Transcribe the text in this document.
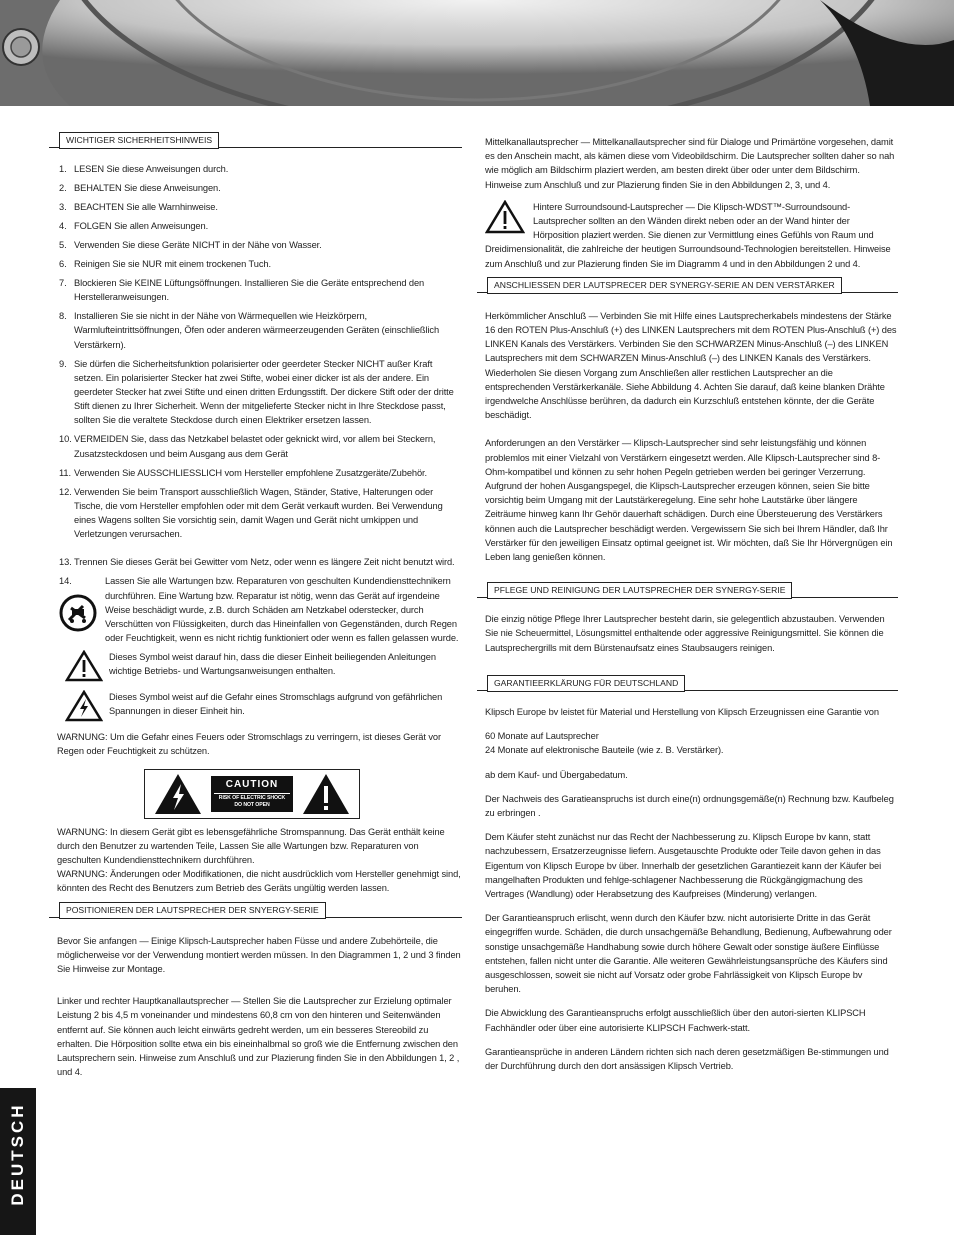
WICHTIGER SICHERHEITSHINWEIS
1. LESEN Sie diese Anweisungen durch.
2. BEHALTEN Sie diese Anweisungen.
3. BEACHTEN Sie alle Warnhinweise.
4. FOLGEN Sie allen Anweisungen.
5. Verwenden Sie diese Geräte NICHT in der Nähe von Wasser.
6. Reinigen Sie sie NUR mit einem trockenen Tuch.
7. Blockieren Sie KEINE Lüftungsöffnungen. Installieren Sie die Geräte entsprechend den Herstelleranweisungen.
8. Installieren Sie sie nicht in der Nähe von Wärmequellen wie Heizkörpern, Warmlufteintrittsöffnungen, Öfen oder anderen wärmeerzeugenden Geräten (einschließlich Verstärkern).
9. Sie dürfen die Sicherheitsfunktion polarisierter oder geerdeter Stecker NICHT außer Kraft setzen. Ein polarisierter Stecker hat zwei Stifte, wobei einer dicker ist als der andere. Ein geerdeter Stecker hat zwei Stifte und einen dritten Erdungsstift. Der dickere Stift oder der dritte Stift dienen zu Ihrer Sicherheit. Wenn der mitgelieferte Stecker nicht in Ihre Steckdose passt, sollten Sie die veraltete Steckdose durch einen Elektriker ersetzen lassen.
10. VERMEIDEN Sie, dass das Netzkabel belastet oder geknickt wird, vor allem bei Steckern, Zusatzsteckdosen und beim Ausgang aus dem Gerät
11. Verwenden Sie AUSSCHLIESSLICH vom Hersteller empfohlene Zusatzgeräte/Zubehör.
12. Verwenden Sie beim Transport ausschließlich Wagen, Ständer, Stative, Halterungen oder Tische, die vom Hersteller empfohlen oder mit dem Gerät verkauft wurden. Bei Verwendung eines Wagens sollten Sie vorsichtig sein, damit Wagen und Gerät nicht umkippen und Verletzungen verursachen.
13. Trennen Sie dieses Gerät bei Gewitter vom Netz, oder wenn es längere Zeit nicht benutzt wird.
14.	Lassen Sie alle Wartungen bzw. Reparaturen von geschulten Kundendiensttechnikern durchführen. Eine Wartung bzw. Reparatur ist nötig, wenn das Gerät auf irgendeine Weise beschädigt wurde, z.B. durch Schäden am Netzkabel oderstecker, durch Verschütten von Flüssigkeiten, durch das Hineinfallen von Gegenständen, durch Regen oder Feuchtigkeit, wenn es nicht richtig funktioniert oder wenn es fallen gelassen wurde.
Dieses Symbol weist darauf hin, dass die dieser Einheit beiliegenden Anleitungen wichtige Betriebs- und Wartungsanweisungen enthalten.
Dieses Symbol weist auf die Gefahr eines Stromschlags aufgrund von gefährlichen Spannungen in dieser Einheit hin.

WARNUNG: Um die Gefahr eines Feuers oder Stromschlags zu verringern, ist dieses Gerät vor Regen oder Feuchtigkeit zu schützen.

CAUTION
RISK OF ELECTRIC SHOCK
DO NOT OPEN

WARNUNG: In diesem Gerät gibt es lebensgefährliche Stromspannung. Das Gerät enthält keine durch den Benutzer zu wartenden Teile, Lassen Sie alle Wartungen bzw. Reparaturen von geschulten Kundendiensttechnikern durchführen.

WARNUNG: Änderungen oder Modifikationen, die nicht ausdrücklich vom Hersteller genehmigt sind, könnten des Recht des Benutzers zum Betrieb des Geräts ungültig werden lassen.

POSITIONIEREN DER LAUTSPRECHER DER SNYERGY-SERIE

Bevor Sie anfangen — Einige Klipsch-Lautsprecher haben Füsse und andere Zubehörteile, die möglicherweise vor der Verwendung montiert werden müssen. In den Diagrammen 1, 2 und 3 finden Sie Hinweise zur Montage.

Linker und rechter Hauptkanallautsprecher — Stellen Sie die Lautsprecher zur Erzielung optimaler Leistung 2 bis 4,5 m voneinander und mindestens 60,8 cm von den hinteren und Seitenwänden entfernt auf. Sie können auch leicht einwärts gedreht werden, um ein besseres Stereobild zu erhalten. Die Hörposition sollte etwa ein bis eineinhalbmal so groß wie die Entfernung zwischen den Lautsprechern sein. Hinweise zum Anschluß und zur Plazierung finden Sie in den Abbildungen 1, 2 , und 4.

Mittelkanallautsprecher — Mittelkanallautsprecher sind für Dialoge und Primärtöne vorgesehen, damit es den Anschein macht, als kämen diese vom Videobildschirm. Die Lautsprecher sollten daher so nah wie möglich am Bildschirm plaziert werden, am besten direkt über oder unter dem Bildschirm. Hinweise zum Anschluß und zur Plazierung finden Sie in den Abbildungen 2, 3, und 4.

Hintere Surroundsound-Lautsprecher — Die Klipsch-WDST™-Surroundsound-Lautsprecher sollten an den Wänden direkt neben oder an der Wand hinter der Hörposition plaziert werden. Sie dienen zur Vermittlung eines Gefühls von Raum und Dreidimensionalität, die zahlreiche der heutigen Surroundsound-Technologien bereitstellen. Hinweise zum Anschluß und zur Plazierung finden Sie im Diagramm 4 und in den Abbildungen 2 und 4.
ANSCHLIESSEN DER LAUTSPRECER DER SYNERGY-SERIE AN DEN VERSTÄRKER

Herkömmlicher Anschluß — Verbinden Sie mit Hilfe eines Lautsprecherkabels mindestens der Stärke 16 den ROTEN Plus-Anschluß (+) des LINKEN Lautsprechers mit dem ROTEN Plus-Anschluß (+) des LINKEN Kanals des Verstärkers. Verbinden Sie den SCHWARZEN Minus-Anschluß (–) des LINKEN Lautsprechers mit dem SCHWARZEN Minus-Anschluß (–) des LINKEN Kanals des Verstärkers. Wiederholen Sie diesen Vorgang zum Anschließen aller restlichen Lautsprecher an die entsprechenden Verstärkerkanäle. Siehe Abbildung 4. Achten Sie darauf, daß keine blanken Drähte irgendwelche Anschlüsse berühren, da dadurch ein Kurzschluß entstehen könnte, der die Geräte beschädigt.

Anforderungen an den Verstärker — Klipsch-Lautsprecher sind sehr leistungsfähig und können problemlos mit einer Vielzahl von Verstärkern eingesetzt werden. Alle Klipsch-Lautsprecher sind 8-Ohm-kompatibel und können zu sehr hohen Pegeln getrieben werden bei geringer Verzerrung. Aufgrund der hohen Ausgangspegel, die Klipsch-Lautsprecher erzeugen können, seien Sie bitte vorsichtig beim Umgang mit der Lautstärkeregelung. Eine sehr hohe Lautstärke über längere Zeiträume hinweg kann Ihr Gehör dauerhaft schädigen. Durch eine Übersteuerung des Verstärkers können auch die Lautsprecher beschädigt werden. Vergewissern Sie sich bei Ihrem Händler, daß Ihr Verstärker für den jeweiligen Einsatz optimal geeignet ist. Wir möchten, daß Sie Ihr Hörvergnügen ein Leben lang genießen können.

PFLEGE UND REINIGUNG DER LAUTSPRECHER DER SYNERGY-SERIE

Die einzig nötige Pflege Ihrer Lautsprecher besteht darin, sie gelegentlich abzustauben. Verwenden Sie nie Scheuermittel, Lösungsmittel enthaltende oder aggressive Reinigungsmittel. Sie können die Lautsprechergrills mit dem Bürstenaufsatz eines Staubsaugers reinigen.

GARANTIEERKLÄRUNG FÜR DEUTSCHLAND

Klipsch Europe bv leistet für Material und Herstellung von Klipsch Erzeugnissen eine Garantie von

60 Monate auf Lautsprecher
24 Monate auf elektronische Bauteile (wie z. B. Verstärker).

ab dem Kauf- und Übergabedatum.

Der Nachweis des Garatieanspruchs ist durch eine(n) ordnungsgemäße(n) Rechnung bzw. Kaufbeleg zu erbringen .

Dem Käufer steht zunächst nur das Recht der Nachbesserung zu. Klipsch Europe bv kann, statt nachzubessern, Ersatzerzeugnisse liefern. Ausgetauschte Produkte oder Teile davon gehen in das Eigentum von Klipsch Europe bv über. Innerhalb der gesetzlichen Garantiezeit kann der Käufer bei mangelhaften Produkten und fehlge-schlagener Nachbesserung die Rückgängigmachung des Vertrages (Wandlung) oder Herabsetzung des Kaufpreises (Minderung) verlangen.

Der Garantieanspruch erlischt, wenn durch den Käufer bzw. nicht autorisierte Dritte in das Gerät eingegriffen wurde. Schäden, die durch unsachgemäße Behandlung, Bedienung, Aufbewahrung oder sonstige unsachgemäße Handhabung sowie durch höhere Gewalt oder sonstige äußere Einflüsse entstehen, fallen nicht unter die Garantie. Alle weiteren Gewährleistungsansprüche des Käufers sind ausgeschlossen, soweit sie nicht auf Vorsatz oder grobe Fahrlässigkeit von Klipsch Europe bv beruhen.

Die Abwicklung des Garantieanspruchs erfolgt ausschließlich über den autori-sierten KLIPSCH Fachhändler oder über eine autorisierte KLIPSCH Fachwerk-statt.

Garantieansprüche in anderen Ländern richten sich nach deren gesetzmäßigen Be-stimmungen und der Durchführung durch den dort ansässigen Klipsch Vertrieb.

DEUTSCH
